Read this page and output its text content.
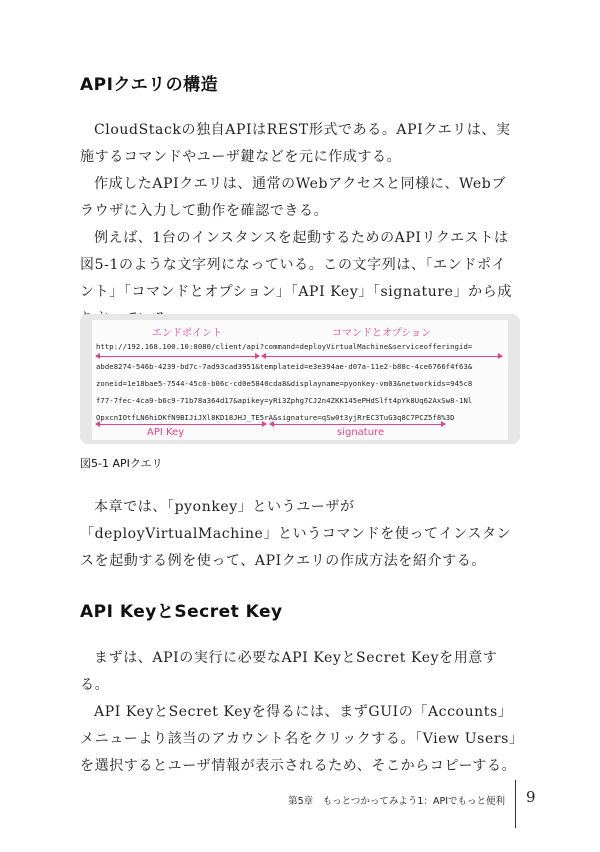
APIクエリの構造

CloudStackの独自APIはREST形式である。APIクエリは、実施するコマンドやユーザ鍵などを元に作成する。

作成したAPIクエリは、通常のWebアクセスと同様に、Webブラウザに入力して動作を確認できる。

例えば、1台のインスタンスを起動するためのAPIリクエストは図5-1のような文字列になっている。この文字列は、「エンドポイント」「コマンドとオプション」「API Key」「signature」から成

エンドポイント	コマンドとオプション
http://192.168.100.10:8080/client/api?command=deployVirtualMachine&serviceofferingid=
abde8274-546b-4239-bd7c-7ad93cad3951&templateid=e3e394ae-d07a-11e2-b88c-4ce6766f4f63&
zoneid=1e18bae5-7544-45c0-b06c-cd0e5840cda8&displayname=pyonkey-vm03&networkids=945c8
f77-7fec-4ca9-b6c9-71b78a364d17&apikey=yRi3Zphg7CJ2n4ZKK145ePHdSlft4pYk8Uq62AxSw8-1Nl
OpxcnIOtfLN6hiDKfN9BIJiJXl8KD18JHJ_TE5rA&signature=qSw0t3yjRrEC3TuG3q8C7PCZ5f8%3D
API Key	signature
図5-1 APIクエリ

本章では、「pyonkey」というユーザが「deployVirtualMachine」というコマンドを使ってインスタンスを起動する例を使って、APIクエリの作成方法を紹介する。

API KeyとSecret Key

まずは、APIの実行に必要なAPI KeyとSecret Keyを用意する。

API KeyとSecret Keyを得るには、まずGUIの「Accounts」メニューより該当のアカウント名をクリックする。「View Users」を選択するとユーザ情報が表示されるため、そこからコピーする。

第5章　もっとつかってみよう1：APIでもっと便利 9
